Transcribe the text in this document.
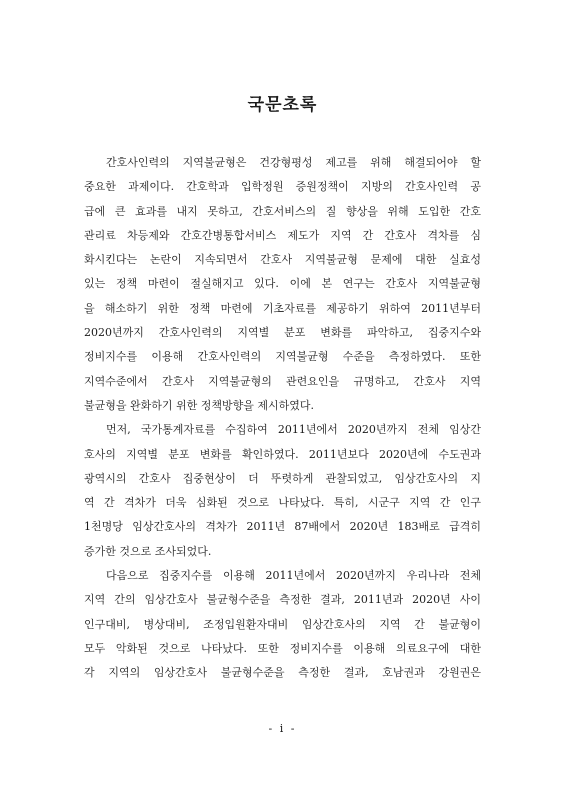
국문초록
간호사인력의 지역불균형은 건강형평성 제고를 위해 해결되어야 할
중요한 과제이다. 간호학과 입학정원 증원정책이 지방의 간호사인력 공
급에 큰 효과를 내지 못하고, 간호서비스의 질 향상을 위해 도입한 간호
관리료 차등제와 간호간병통합서비스 제도가 지역 간 간호사 격차를 심
화시킨다는 논란이 지속되면서 간호사 지역불균형 문제에 대한 실효성
있는 정책 마련이 절실해지고 있다. 이에 본 연구는 간호사 지역불균형
을 해소하기 위한 정책 마련에 기초자료를 제공하기 위하여 2011년부터
2020년까지 간호사인력의 지역별 분포 변화를 파악하고, 집중지수와
정비지수를 이용해 간호사인력의 지역불균형 수준을 측정하였다. 또한
지역수준에서 간호사 지역불균형의 관련요인을 규명하고, 간호사 지역
불균형을 완화하기 위한 정책방향을 제시하였다.
먼저, 국가통계자료를 수집하여 2011년에서 2020년까지 전체 임상간
호사의 지역별 분포 변화를 확인하였다. 2011년보다 2020년에 수도권과
광역시의 간호사 집중현상이 더 뚜렷하게 관찰되었고, 임상간호사의 지
역 간 격차가 더욱 심화된 것으로 나타났다. 특히, 시군구 지역 간 인구
1천명당 임상간호사의 격차가 2011년 87배에서 2020년 183배로 급격히
증가한 것으로 조사되었다.
다음으로 집중지수를 이용해 2011년에서 2020년까지 우리나라 전체
지역 간의 임상간호사 불균형수준을 측정한 결과, 2011년과 2020년 사이
인구대비, 병상대비, 조정입원환자대비 임상간호사의 지역 간 불균형이
모두 악화된 것으로 나타났다. 또한 정비지수를 이용해 의료요구에 대한
각 지역의 임상간호사 불균형수준을 측정한 결과, 호남권과 강원권은
- i -
